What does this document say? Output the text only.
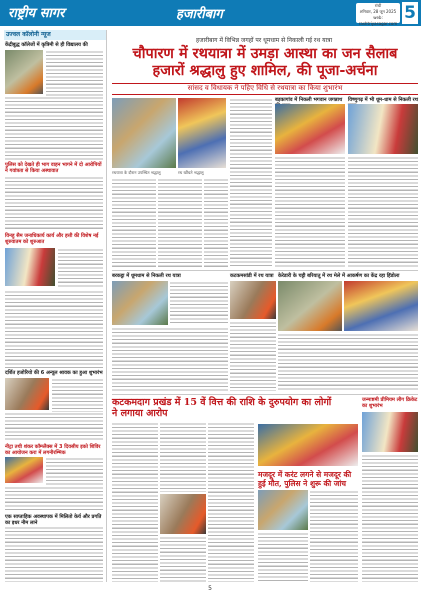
राष्ट्रीय सागर	हजारीबाग
रांची
शनिवार, 28 जून 2025
web: rashtriyasagar.com
5
उज्वल कॉलोनी न्यूज
केंद्रीबुद्ध कॉलेजों में कृत्रिमी से ही विद्यालय की
पुलिस को देखते ही भाग वाहन भागने में दो आरोपियों ने गवांत्रता से किया अस्थावात
विनहु सैम जनाधिकार्य कार्य और हत्ती की विशेष नई शुरुवातम को शुरुआत
दर्शित हजोरियो की 6 अन्यूल श्रावक का हुआ शुभारंभ
नीट्रा तथी शंकर कॉम्प्लैक्स में 3 दिवसीय इको शिविर का आयोजन करा में लगनीरम्भिक
एक साप्ताहिक अवस्थापक में मिलितो केर्य और प्रगति का इधर नीम लाने
हजारीबाग में विभिन्न जगहों पर धूमधाम से निकाली गई रथ यात्रा
चौपारण में रथयात्रा में उमड़ा आस्था का जन सैलाब
हजारों श्रद्धालु हुए शामिल, की पूजा-अर्चना
सांसद व विधायक ने पहिए विधि से रथयात्रा का किया शुभारंभ
रथयात्रा के दौरान उपस्थित श्रद्धालु	रथ खींचते श्रद्धालु
बड़कागांव में निकली भगवान जगन्नाथ	विष्णुगढ़ में भी धूम-धाम से निकली रथ
बरकट्ठा में धूमधाम से निकली रथ यात्रा	कटकमसांडी में रथ यात्रा केरेडारी के चट्टी बरियातू में रथ मेले में आकर्षण का केंद्र रहा हिंडोला
कटकमदाग प्रखंड में 15 वें वित्त की राशि के दुरुपयोग का लोगों ने लगाया आरोप
मजदूर में करंट लगने से मजदूर की हुई मौत, पुलिस ने शुरू की जांच
जन्माष्टमी प्रीमियम लीग क्रिकेट का शुभारंभ
5
